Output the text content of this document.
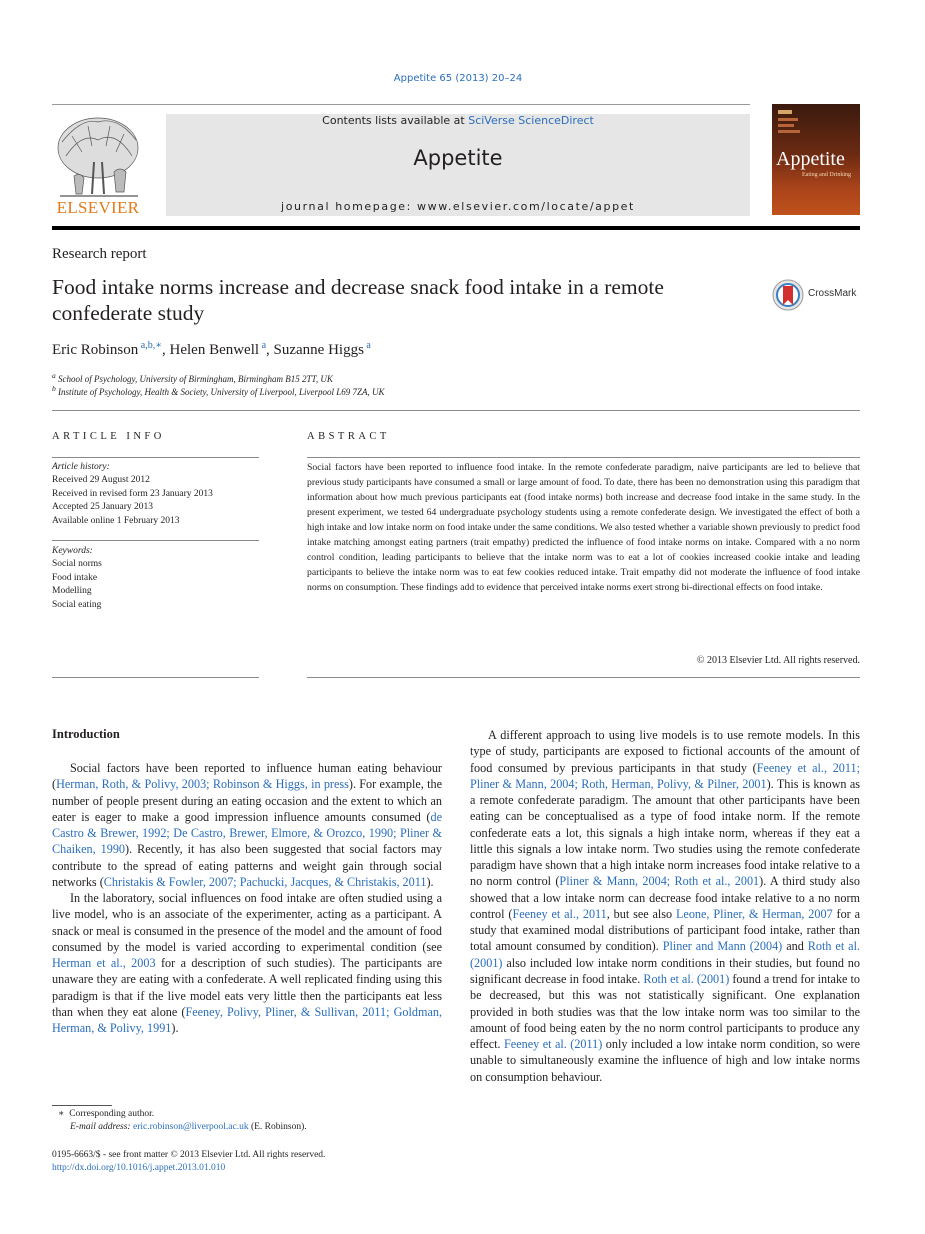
Appetite 65 (2013) 20–24
ELSEVIER
Contents lists available at SciVerse ScienceDirect
Appetite
journal homepage: www.elsevier.com/locate/appet
Appetite
Eating and Drinking
Research report
Food intake norms increase and decrease snack food intake in a remote confederate study
CrossMark
Eric Robinson $^{a,b,∗}$, Helen Benwell $^a$, Suzanne Higgs $^a$
$^a$ School of Psychology, University of Birmingham, Birmingham B15 2TT, UK
$^b$ Institute of Psychology, Health & Society, University of Liverpool, Liverpool L69 7ZA, UK
ARTICLE INFO
Article history:
Received 29 August 2012
Received in revised form 23 January 2013
Accepted 25 January 2013
Available online 1 February 2013
Keywords:
Social norms
Food intake
Modelling
Social eating
ABSTRACT
Social factors have been reported to influence food intake. In the remote confederate paradigm, naive participants are led to believe that previous study participants have consumed a small or large amount of food. To date, there has been no demonstration using this paradigm that information about how much previous participants eat (food intake norms) both increase and decrease food intake in the same study. In the present experiment, we tested 64 undergraduate psychology students using a remote confederate design. We investigated the effect of both a high intake and low intake norm on food intake under the same conditions. We also tested whether a variable shown previously to predict food intake matching amongst eating partners (trait empathy) predicted the influence of food intake norms on intake. Compared with a no norm control condition, leading participants to believe that the intake norm was to eat a lot of cookies increased cookie intake and leading participants to believe the intake norm was to eat few cookies reduced intake. Trait empathy did not moderate the influence of food intake norms on consumption. These findings add to evidence that perceived intake norms exert strong bi-directional effects on food intake.
© 2013 Elsevier Ltd. All rights reserved.
Introduction

Social factors have been reported to influence human eating behaviour (Herman, Roth, & Polivy, 2003; Robinson & Higgs, in press). For example, the number of people present during an eating occasion and the extent to which an eater is eager to make a good impression influence amounts consumed (de Castro & Brewer, 1992; De Castro, Brewer, Elmore, & Orozco, 1990; Pliner & Chaiken, 1990). Recently, it has also been suggested that social factors may contribute to the spread of eating patterns and weight gain through social networks (Christakis & Fowler, 2007; Pachucki, Jacques, & Christakis, 2011).

In the laboratory, social influences on food intake are often studied using a live model, who is an associate of the experimenter, acting as a participant. A snack or meal is consumed in the presence of the model and the amount of food consumed by the model is varied according to experimental condition (see Herman et al., 2003 for a description of such studies). The participants are unaware they are eating with a confederate. A well replicated finding using this paradigm is that if the live model eats very little then the participants eat less than when they eat alone (Feeney, Polivy, Pliner, & Sullivan, 2011; Goldman, Herman, & Polivy, 1991).

A different approach to using live models is to use remote models. In this type of study, participants are exposed to fictional accounts of the amount of food consumed by previous participants in that study (Feeney et al., 2011; Pliner & Mann, 2004; Roth, Herman, Polivy, & Pilner, 2001). This is known as a remote confederate paradigm. The amount that other participants have been eating can be conceptualised as a type of food intake norm. If the remote confederate eats a lot, this signals a high intake norm, whereas if they eat a little this signals a low intake norm. Two studies using the remote confederate paradigm have shown that a high intake norm increases food intake relative to a no norm control (Pliner & Mann, 2004; Roth et al., 2001). A third study also showed that a low intake norm can decrease food intake relative to a no norm control (Feeney et al., 2011, but see also Leone, Pliner, & Herman, 2007 for a study that examined modal distributions of participant food intake, rather than total amount consumed by condition). Pliner and Mann (2004) and Roth et al. (2001) also included low intake norm conditions in their studies, but found no significant decrease in food intake. Roth et al. (2001) found a trend for intake to be decreased, but this was not statistically significant. One explanation provided in both studies was that the low intake norm was too similar to the amount of food being eaten by the no norm control participants to produce any effect. Feeney et al. (2011) only included a low intake norm condition, so were unable to simultaneously examine the influence of high and low intake norms on consumption behaviour.

∗ Corresponding author.
E-mail address: eric.robinson@liverpool.ac.uk (E. Robinson).
0195-6663/$ - see front matter © 2013 Elsevier Ltd. All rights reserved.
http://dx.doi.org/10.1016/j.appet.2013.01.010
